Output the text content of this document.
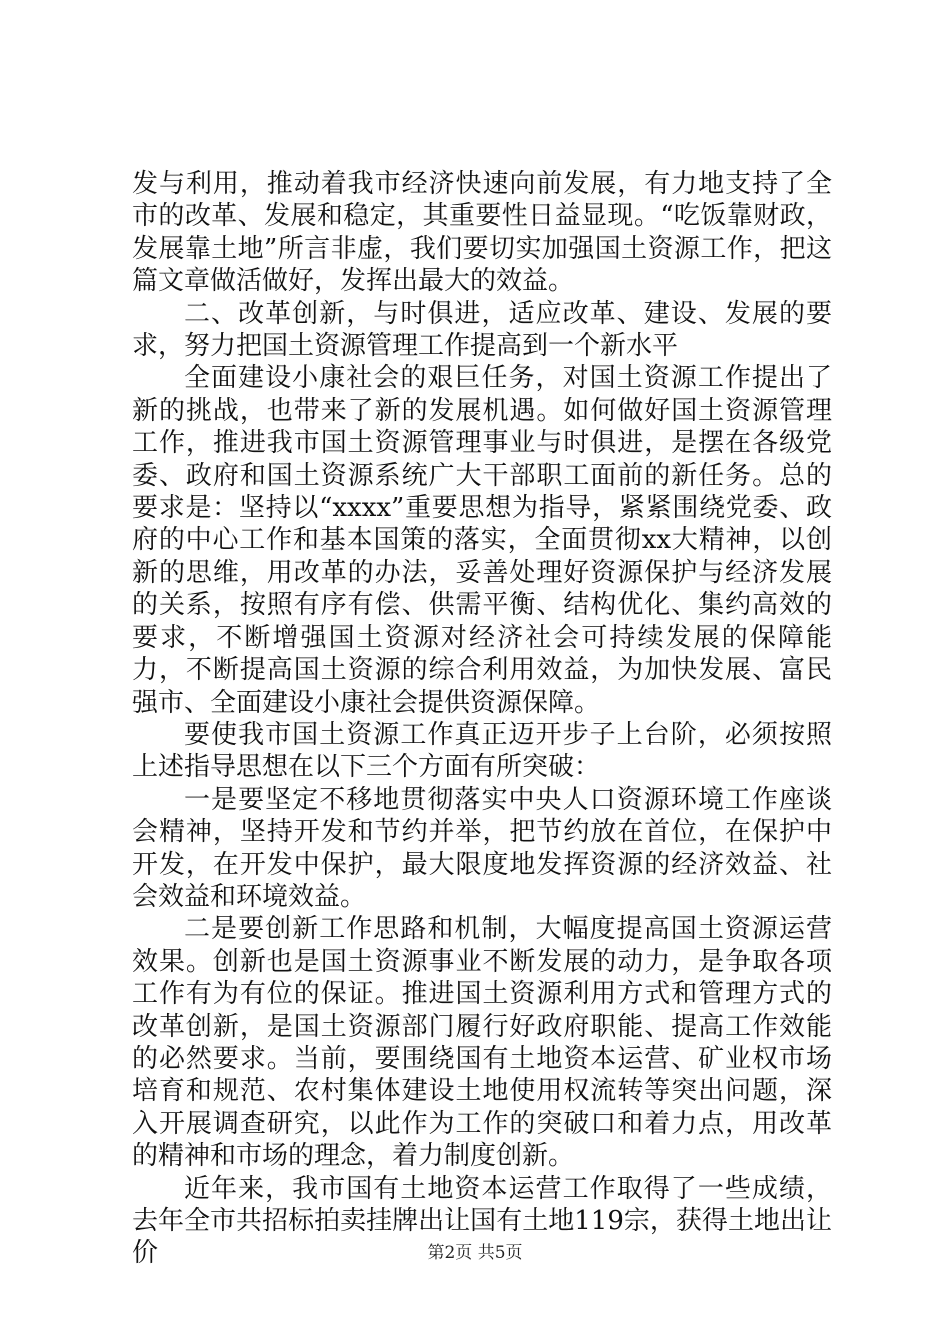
发与利用，推动着我市经济快速向前发展，有力地支持了全市的改革、发展和稳定，其重要性日益显现。“吃饭靠财政，发展靠土地”所言非虚，我们要切实加强国土资源工作，把这篇文章做活做好，发挥出最大的效益。

二、改革创新，与时俱进，适应改革、建设、发展的要求，努力把国土资源管理工作提高到一个新水平

全面建设小康社会的艰巨任务，对国土资源工作提出了新的挑战，也带来了新的发展机遇。如何做好国土资源管理工作，推进我市国土资源管理事业与时俱进，是摆在各级党委、政府和国土资源系统广大干部职工面前的新任务。总的要求是：坚持以“xxxx”重要思想为指导，紧紧围绕党委、政府的中心工作和基本国策的落实，全面贯彻xx大精神，以创新的思维，用改革的办法，妥善处理好资源保护与经济发展的关系，按照有序有偿、供需平衡、结构优化、集约高效的要求，不断增强国土资源对经济社会可持续发展的保障能力，不断提高国土资源的综合利用效益，为加快发展、富民强市、全面建设小康社会提供资源保障。

要使我市国土资源工作真正迈开步子上台阶，必须按照上述指导思想在以下三个方面有所突破：

一是要坚定不移地贯彻落实中央人口资源环境工作座谈会精神，坚持开发和节约并举，把节约放在首位，在保护中开发，在开发中保护，最大限度地发挥资源的经济效益、社会效益和环境效益。

二是要创新工作思路和机制，大幅度提高国土资源运营效果。创新也是国土资源事业不断发展的动力，是争取各项工作有为有位的保证。推进国土资源利用方式和管理方式的改革创新，是国土资源部门履行好政府职能、提高工作效能的必然要求。当前，要围绕国有土地资本运营、矿业权市场培育和规范、农村集体建设土地使用权流转等突出问题，深入开展调查研究，以此作为工作的突破口和着力点，用改革的精神和市场的理念，着力制度创新。

近年来，我市国有土地资本运营工作取得了一些成绩，去年全市共招标拍卖挂牌出让国有土地119宗，获得土地出让价	第2页 共5页
